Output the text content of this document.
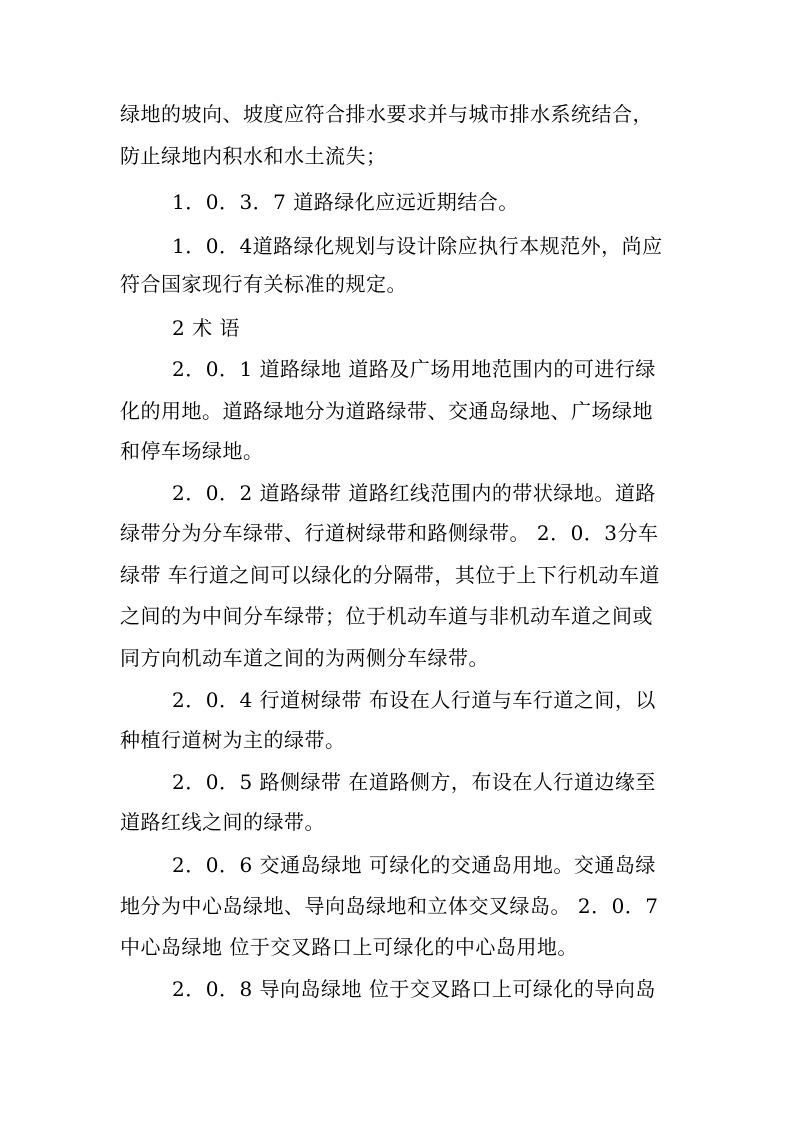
绿地的坡向、坡度应符合排水要求并与城市排水系统结合，
防止绿地内积水和水土流失；
1．0．3．7 道路绿化应远近期结合。
1．0．4道路绿化规划与设计除应执行本规范外，尚应
符合国家现行有关标准的规定。
2 术 语
2．0．1 道路绿地 道路及广场用地范围内的可进行绿
化的用地。道路绿地分为道路绿带、交通岛绿地、广场绿地
和停车场绿地。
2．0．2 道路绿带 道路红线范围内的带状绿地。道路
绿带分为分车绿带、行道树绿带和路侧绿带。 2．0．3分车
绿带 车行道之间可以绿化的分隔带，其位于上下行机动车道
之间的为中间分车绿带；位于机动车道与非机动车道之间或
同方向机动车道之间的为两侧分车绿带。
2．0．4 行道树绿带 布设在人行道与车行道之间，以
种植行道树为主的绿带。
2．0．5 路侧绿带 在道路侧方，布设在人行道边缘至
道路红线之间的绿带。
2．0．6 交通岛绿地 可绿化的交通岛用地。交通岛绿
地分为中心岛绿地、导向岛绿地和立体交叉绿岛。 2．0．7
中心岛绿地 位于交叉路口上可绿化的中心岛用地。
2．0．8 导向岛绿地 位于交叉路口上可绿化的导向岛
